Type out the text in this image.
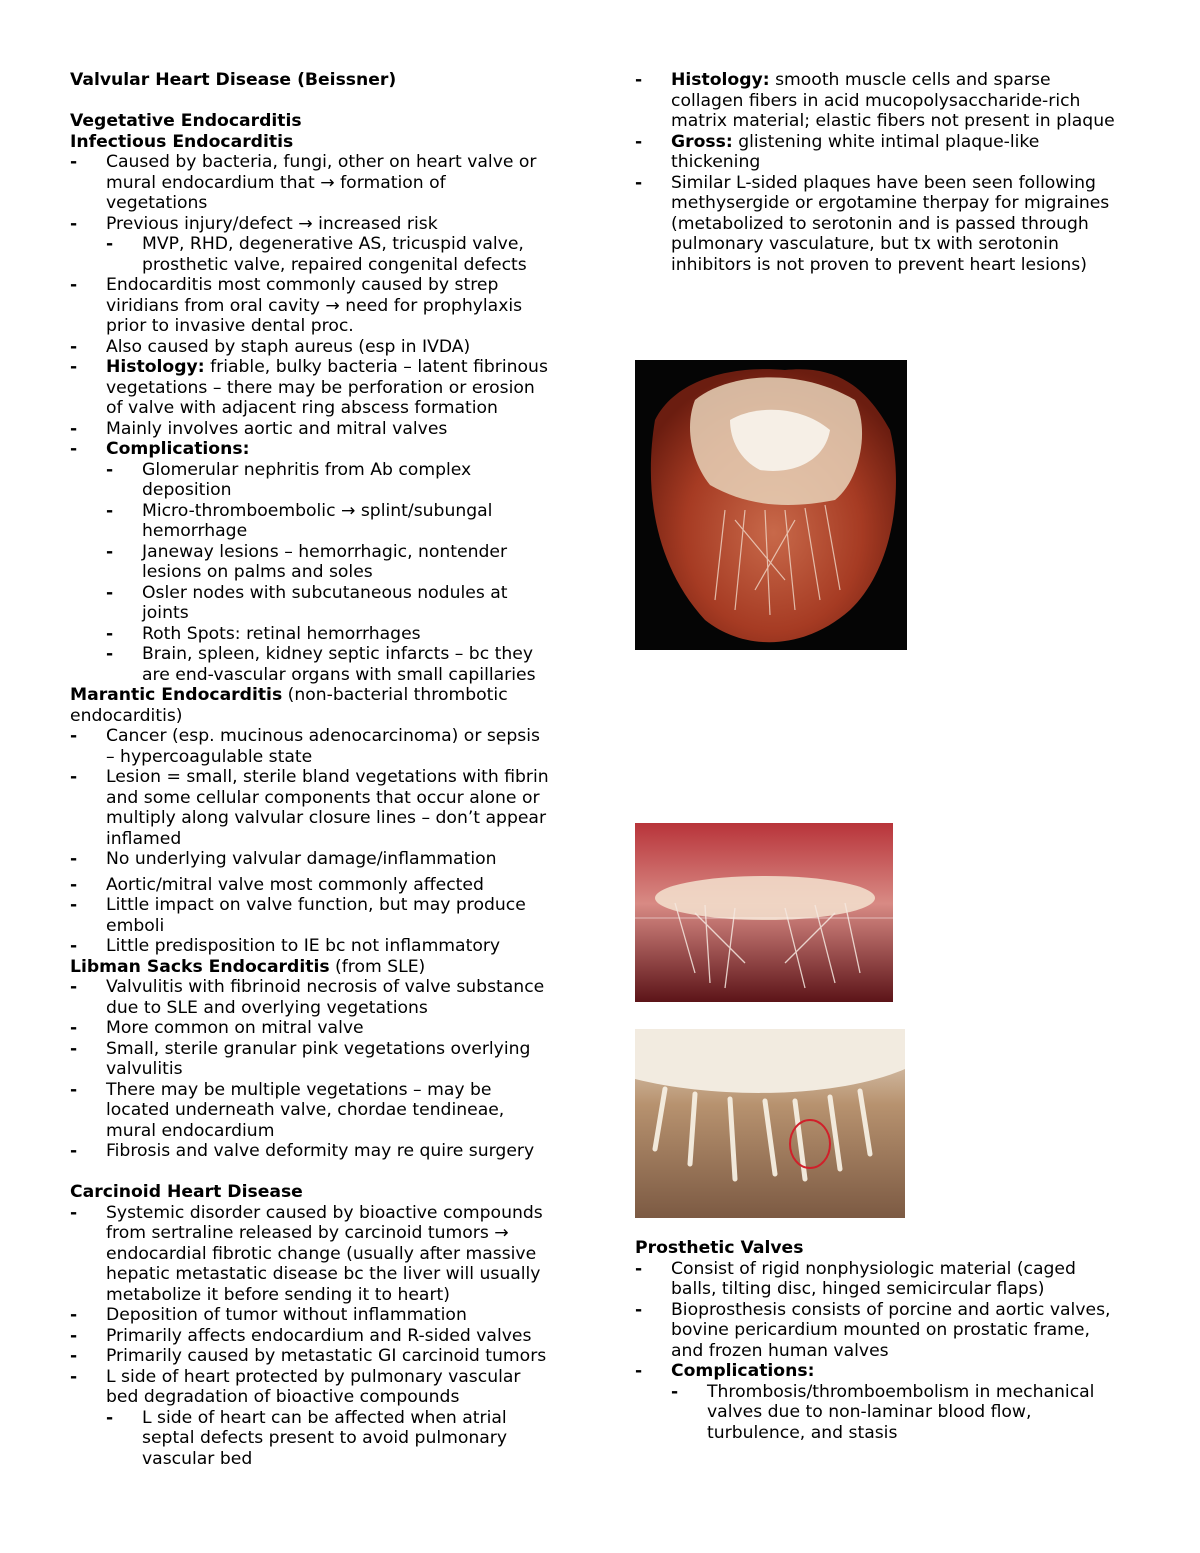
Valvular Heart Disease (Beissner)
Vegetative Endocarditis
Infectious Endocarditis
-	Caused by bacteria, fungi, other on heart valve or
mural endocardium that → formation of
vegetations
-	Previous injury/defect → increased risk
-	MVP, RHD, degenerative AS, tricuspid valve,
prosthetic valve, repaired congenital defects
-	Endocarditis most commonly caused by strep
viridians from oral cavity → need for prophylaxis
prior to invasive dental proc.
-	Also caused by staph aureus (esp in IVDA)
-	Histology: friable, bulky bacteria – latent fibrinous
vegetations – there may be perforation or erosion
of valve with adjacent ring abscess formation
-	Mainly involves aortic and mitral valves
-	Complications:
-	Glomerular nephritis from Ab complex
deposition
-	Micro-thromboembolic → splint/subungal
hemorrhage
-	Janeway lesions – hemorrhagic, nontender
lesions on palms and soles
-	Osler nodes with subcutaneous nodules at
joints
-	Roth Spots: retinal hemorrhages
-	Brain, spleen, kidney septic infarcts – bc they
are end-vascular organs with small capillaries
Marantic Endocarditis (non-bacterial thrombotic
endocarditis)
-	Cancer (esp. mucinous adenocarcinoma) or sepsis
– hypercoagulable state
-	Lesion = small, sterile bland vegetations with fibrin
and some cellular components that occur alone or
multiply along valvular closure lines – don’t appear
inflamed
-	No underlying valvular damage/inflammation
-	Aortic/mitral valve most commonly affected
-	Little impact on valve function, but may produce
emboli
-	Little predisposition to IE bc not inflammatory
Libman Sacks Endocarditis (from SLE)
-	Valvulitis with fibrinoid necrosis of valve substance
due to SLE and overlying vegetations
-	More common on mitral valve
-	Small, sterile granular pink vegetations overlying
valvulitis
-	There may be multiple vegetations – may be
located underneath valve, chordae tendineae,
mural endocardium
-	Fibrosis and valve deformity may re quire surgery
Carcinoid Heart Disease
-	Systemic disorder caused by bioactive compounds
from sertraline released by carcinoid tumors →
endocardial fibrotic change (usually after massive
hepatic metastatic disease bc the liver will usually
metabolize it before sending it to heart)
-	Deposition of tumor without inflammation
-	Primarily affects endocardium and R-sided valves
-	Primarily caused by metastatic GI carcinoid tumors
-	L side of heart protected by pulmonary vascular
bed degradation of bioactive compounds
-	L side of heart can be affected when atrial
septal defects present to avoid pulmonary
vascular bed
-	Histology: smooth muscle cells and sparse
collagen fibers in acid mucopolysaccharide-rich
matrix material; elastic fibers not present in plaque
-	Gross: glistening white intimal plaque-like
thickening
-	Similar L-sided plaques have been seen following
methysergide or ergotamine therpay for migraines
(metabolized to serotonin and is passed through
pulmonary vasculature, but tx with serotonin
inhibitors is not proven to prevent heart lesions)
Prosthetic Valves
-	Consist of rigid nonphysiologic material (caged
balls, tilting disc, hinged semicircular flaps)
-	Bioprosthesis consists of porcine and aortic valves,
bovine pericardium mounted on prostatic frame,
and frozen human valves
-	Complications:
-	Thrombosis/thromboembolism in mechanical
valves due to non-laminar blood flow,
turbulence, and stasis
